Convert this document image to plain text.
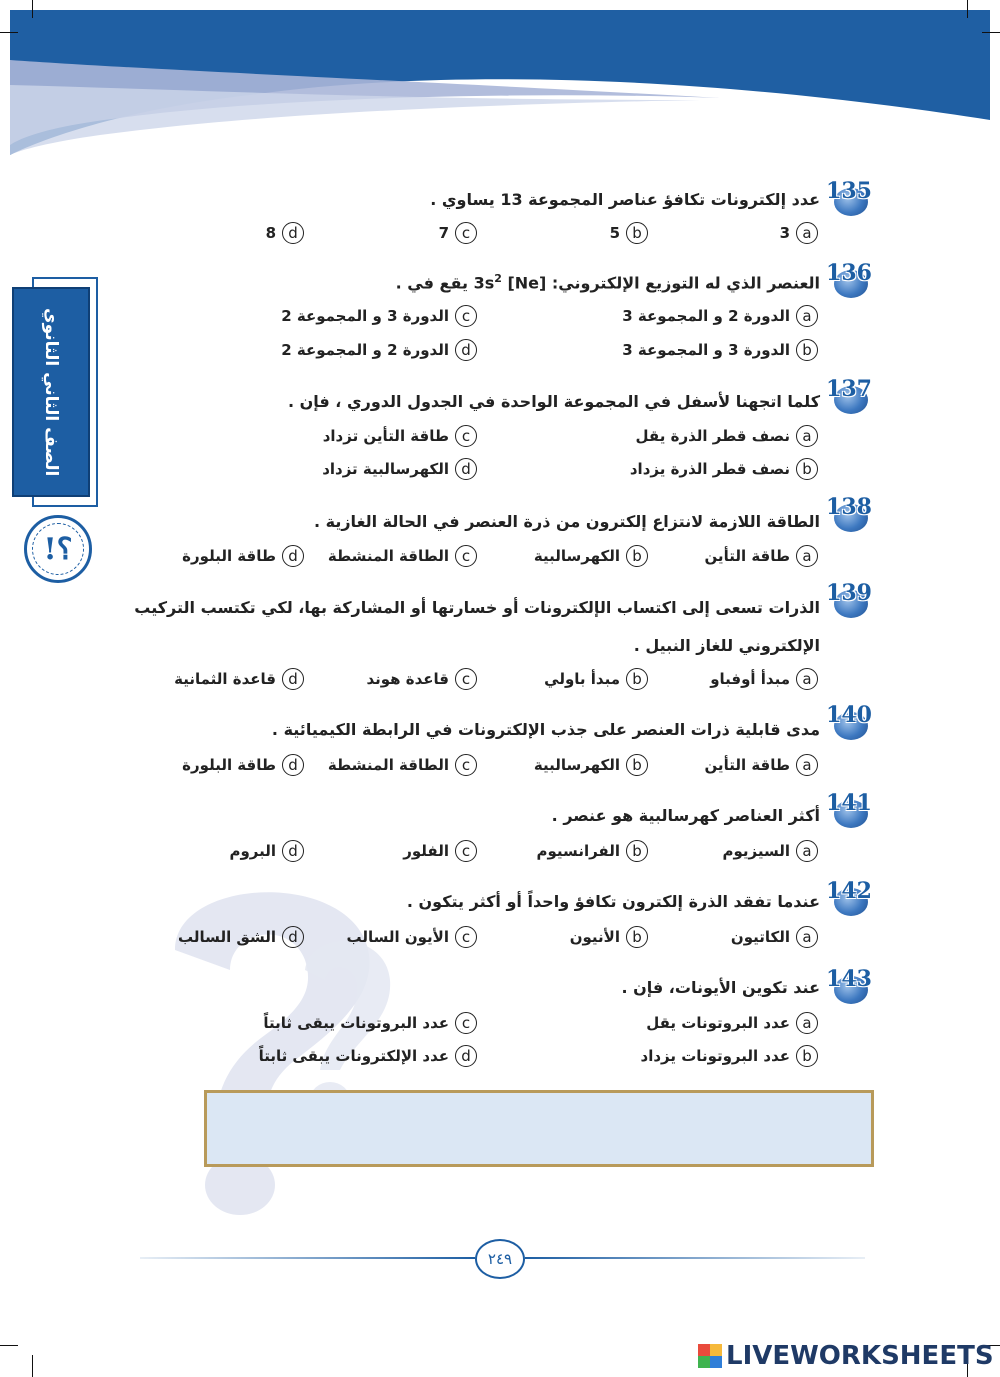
الصف الثاني الثانوي
!؟
135
عدد إلكترونات تكافؤ عناصر المجموعة 13 يساوي .
a
3
b
5
c
7
d
8
136
العنصر الذي له التوزيع الإلكتروني: [Ne] $3s^2$ يقع في .
a
الدورة 2 و المجموعة 3
c
الدورة 3 و المجموعة 2
b
الدورة 3 و المجموعة 3
d
الدورة 2 و المجموعة 2
137
كلما اتجهنا لأسفل في المجموعة الواحدة في الجدول الدوري ، فإن .
a
نصف قطر الذرة يقل
c
طاقة التأين تزداد
b
نصف قطر الذرة يزداد
d
الكهرسالبية تزداد
138
الطاقة اللازمة لانتزاع إلكترون من ذرة العنصر في الحالة الغازية .
a
طاقة التأين
b
الكهرسالبية
c
الطاقة المنشطة
d
طاقة البلورة
139
الذرات تسعى إلى اكتساب الإلكترونات أو خسارتها أو المشاركة بها، لكي تكتسب التركيب
الإلكتروني للغاز النبيل .
a
مبدأ أوفباو
b
مبدأ باولي
c
قاعدة هوند
d
قاعدة الثمانية
140
مدى قابلية ذرات العنصر على جذب الإلكترونات في الرابطة الكيميائية .
a
طاقة التأين
b
الكهرسالبية
c
الطاقة المنشطة
d
طاقة البلورة
141
أكثر العناصر كهرسالبية هو عنصر .
a
السيزيوم
b
الفرانسيوم
c
الفلور
d
البروم
142
عندما تفقد الذرة إلكترون تكافؤ واحداً أو أكثر يتكون .
a
الكاتيون
b
الأنيون
c
الأيون السالب
d
الشق السالب
143
عند تكوين الأيونات، فإن .
a
عدد البروتونات يقل
c
عدد البروتونات يبقى ثابتاً
b
عدد البروتونات يزداد
d
عدد الإلكترونات يبقى ثابتاً
٢٤٩
LIVEWORKSHEETS
